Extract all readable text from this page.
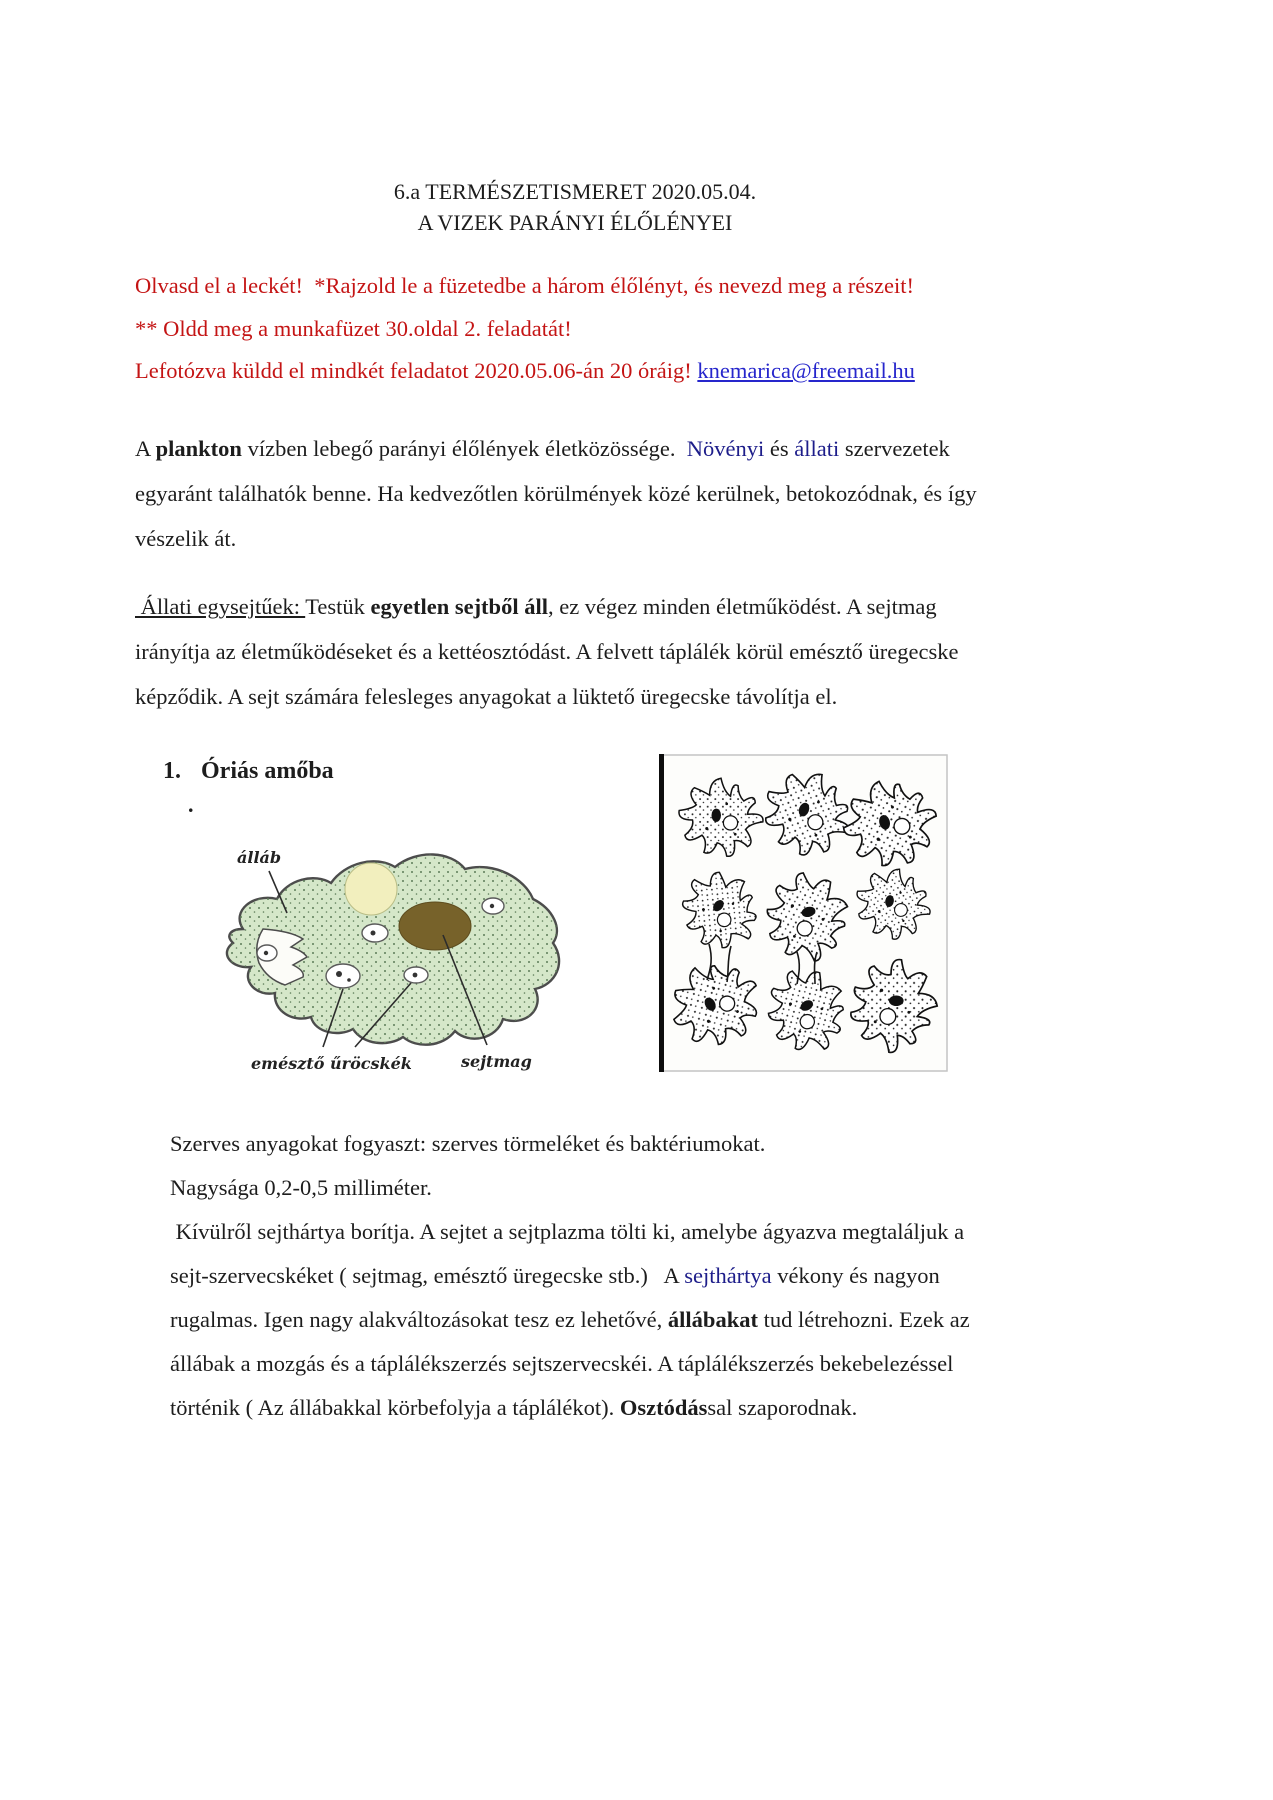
6.a TERMÉSZETISMERET 2020.05.04.
A VIZEK PARÁNYI ÉLŐLÉNYEI
Olvasd el a leckét!  *Rajzold le a füzetedbe a három élőlényt, és nevezd meg a részeit!
** Oldd meg a munkafüzet 30.oldal 2. feladatát!
Lefotózva küldd el mindkét feladatot 2020.05.06-án 20 óráig! knemarica@freemail.hu
A plankton vízben lebegő parányi élőlények életközössége.  Növényi és állati szervezetek
egyaránt találhatók benne. Ha kedvezőtlen körülmények közé kerülnek, betokozódnak, és így
vészelik át.
Állati egysejtűek: Testük egyetlen sejtből áll, ez végez minden életműködést. A sejtmag
irányítja az életműködéseket és a kettéosztódást. A felvett táplálék körül emésztő üregecske
képződik. A sejt számára felesleges anyagokat a lüktető üregecske távolítja el.
1. Óriás amőba
.
álláb
emésztő űröcskék	sejtmag
Szerves anyagokat fogyaszt: szerves törmeléket és baktériumokat.
Nagysága 0,2-0,5 milliméter.
Kívülről sejthártya borítja. A sejtet a sejtplazma tölti ki, amelybe ágyazva megtaláljuk a
sejt-szervecskéket ( sejtmag, emésztő üregecske stb.)   A sejthártya vékony és nagyon
rugalmas. Igen nagy alakváltozásokat tesz ez lehetővé, állábakat tud létrehozni. Ezek az
állábak a mozgás és a táplálékszerzés sejtszervecskéi. A táplálékszerzés bekebelezéssel
történik ( Az állábakkal körbefolyja a táplálékot). Osztódással szaporodnak.
